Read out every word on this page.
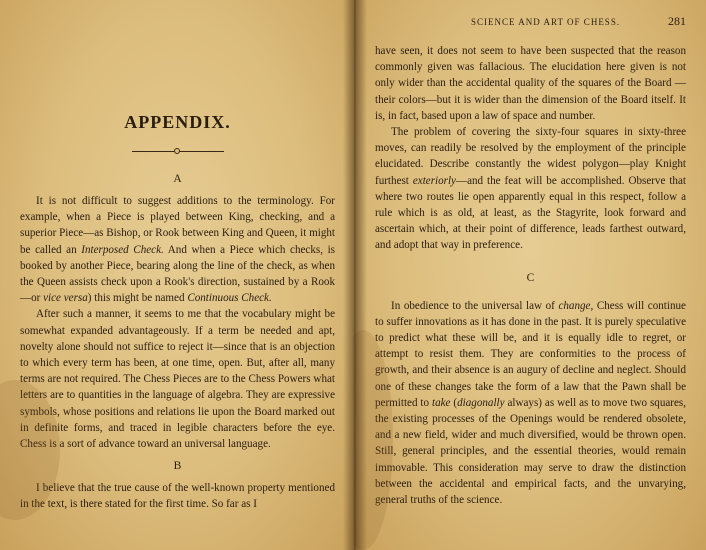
APPENDIX.
A

It is not difficult to suggest additions to the terminology. For example, when a Piece is played between King, checking, and a superior Piece—as Bishop, or Rook between King and Queen, it might be called an Interposed Check. And when a Piece which checks, is booked by another Piece, bearing along the line of the check, as when the Queen assists check upon a Rook's direction, sustained by a Rook—or vice versa) this might be named Continuous Check.

After such a manner, it seems to me that the vocabulary might be somewhat expanded advantageously. If a term be needed and apt, novelty alone should not suffice to reject it—since that is an objection to which every term has been, at one time, open. But, after all, many terms are not required. The Chess Pieces are to the Chess Powers what letters are to quantities in the language of algebra. They are expressive symbols, whose positions and relations lie upon the Board marked out in definite forms, and traced in legible characters before the eye. Chess is a sort of advance toward an universal language.

B

I believe that the true cause of the well-known property mentioned in the text, is there stated for the first time. So far as I

SCIENCE AND ART OF CHESS.	281

have seen, it does not seem to have been suspected that the reason commonly given was fallacious. The elucidation here given is not only wider than the accidental quality of the squares of the Board —their colors—but it is wider than the dimension of the Board itself. It is, in fact, based upon a law of space and number.

The problem of covering the sixty-four squares in sixty-three moves, can readily be resolved by the employment of the principle elucidated. Describe constantly the widest polygon—play Knight furthest exteriorly—and the feat will be accomplished. Observe that where two routes lie open apparently equal in this respect, follow a rule which is as old, at least, as the Stagyrite, look forward and ascertain which, at their point of difference, leads farthest outward, and adopt that way in preference.

C

In obedience to the universal law of change, Chess will continue to suffer innovations as it has done in the past. It is purely speculative to predict what these will be, and it is equally idle to regret, or attempt to resist them. They are conformities to the process of growth, and their absence is an augury of decline and neglect. Should one of these changes take the form of a law that the Pawn shall be permitted to take (diagonally always) as well as to move two squares, the existing processes of the Openings would be rendered obsolete, and a new field, wider and much diversified, would be thrown open. Still, general principles, and the essential theories, would remain immovable. This consideration may serve to draw the distinction between the accidental and empirical facts, and the unvarying, general truths of the science.
